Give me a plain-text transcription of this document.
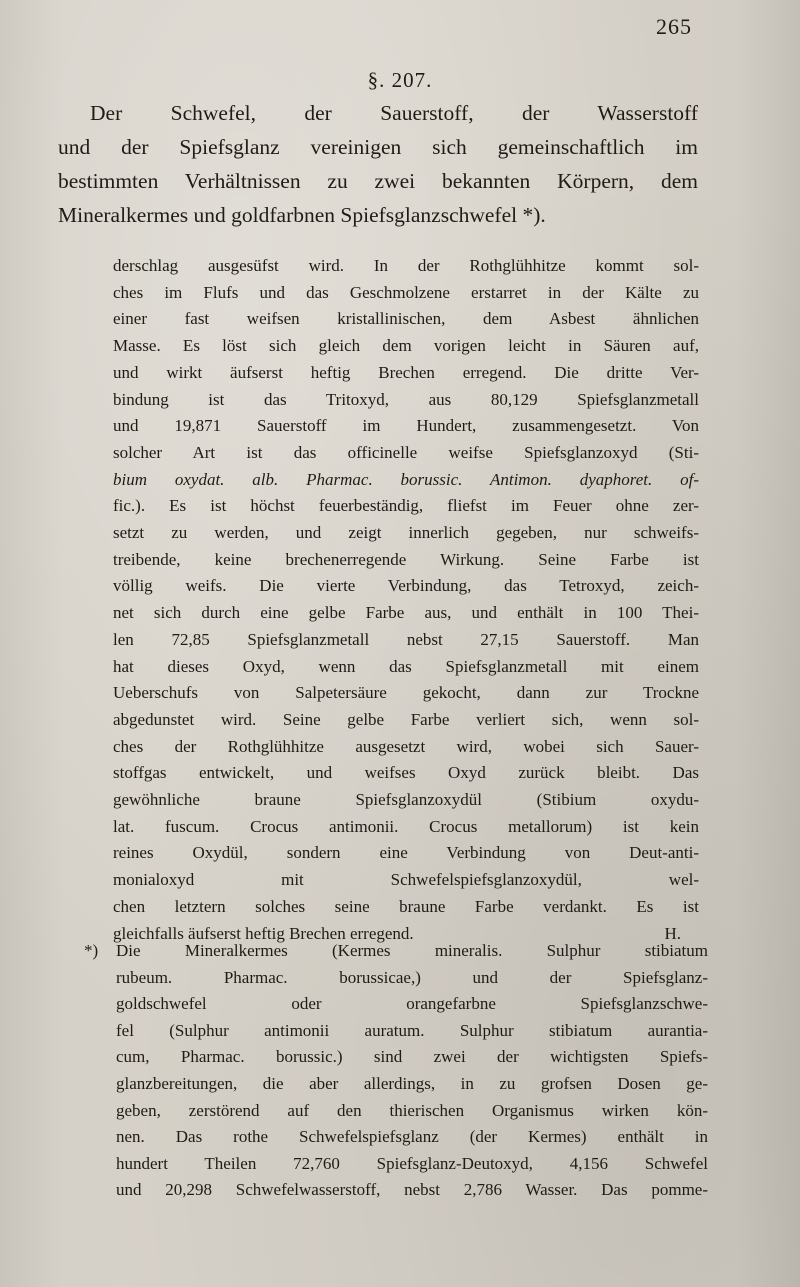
265
§. 207.
Der Schwefel, der Sauerstoff, der Wasserstoff
und der Spiefsglanz vereinigen sich gemeinschaftlich im
bestimmten Verhältnissen zu zwei bekannten Körpern, dem
Mineralkermes und goldfarbnen Spiefsglanzschwefel *).
derschlag ausgesüfst wird. In der Rothglühhitze kommt sol-
ches im Flufs und das Geschmolzene erstarret in der Kälte zu
einer fast weifsen kristallinischen, dem Asbest ähnlichen
Masse. Es löst sich gleich dem vorigen leicht in Säuren auf,
und wirkt äufserst heftig Brechen erregend. Die dritte Ver-
bindung ist das Tritoxyd, aus 80,129 Spiefsglanzmetall
und 19,871 Sauerstoff im Hundert, zusammengesetzt. Von
solcher Art ist das officinelle weifse Spiefsglanzoxyd (Sti-
bium oxydat. alb. Pharmac. borussic. Antimon. dyaphoret. of-
fic.). Es ist höchst feuerbeständig, fliefst im Feuer ohne zer-
setzt zu werden, und zeigt innerlich gegeben, nur schweifs-
treibende, keine brechenerregende Wirkung. Seine Farbe ist
völlig weifs. Die vierte Verbindung, das Tetroxyd, zeich-
net sich durch eine gelbe Farbe aus, und enthält in 100 Thei-
len 72,85 Spiefsglanzmetall nebst 27,15 Sauerstoff. Man
hat dieses Oxyd, wenn das Spiefsglanzmetall mit einem
Ueberschufs von Salpetersäure gekocht, dann zur Trockne
abgedunstet wird. Seine gelbe Farbe verliert sich, wenn sol-
ches der Rothglühhitze ausgesetzt wird, wobei sich Sauer-
stoffgas entwickelt, und weifses Oxyd zurück bleibt. Das
gewöhnliche braune Spiefsglanzoxydül (Stibium oxydu-
lat. fuscum. Crocus antimonii. Crocus metallorum) ist kein
reines Oxydül, sondern eine Verbindung von Deut-anti-
monialoxyd mit Schwefelspiefsglanzoxydül, wel-
chen letztern solches seine braune Farbe verdankt. Es ist
gleichfalls äufserst heftig Brechen erregend.	H.
*) Die Mineralkermes (Kermes mineralis. Sulphur stibiatum
rubeum. Pharmac. borussicae,) und der Spiefsglanz-
goldschwefel oder orangefarbne Spiefsglanzschwe-
fel (Sulphur antimonii auratum. Sulphur stibiatum aurantia-
cum, Pharmac. borussic.) sind zwei der wichtigsten Spiefs-
glanzbereitungen, die aber allerdings, in zu grofsen Dosen ge-
geben, zerstörend auf den thierischen Organismus wirken kön-
nen. Das rothe Schwefelspiefsglanz (der Kermes) enthält in
hundert Theilen 72,760 Spiefsglanz-Deutoxyd, 4,156 Schwefel
und 20,298 Schwefelwasserstoff, nebst 2,786 Wasser. Das pomme-
